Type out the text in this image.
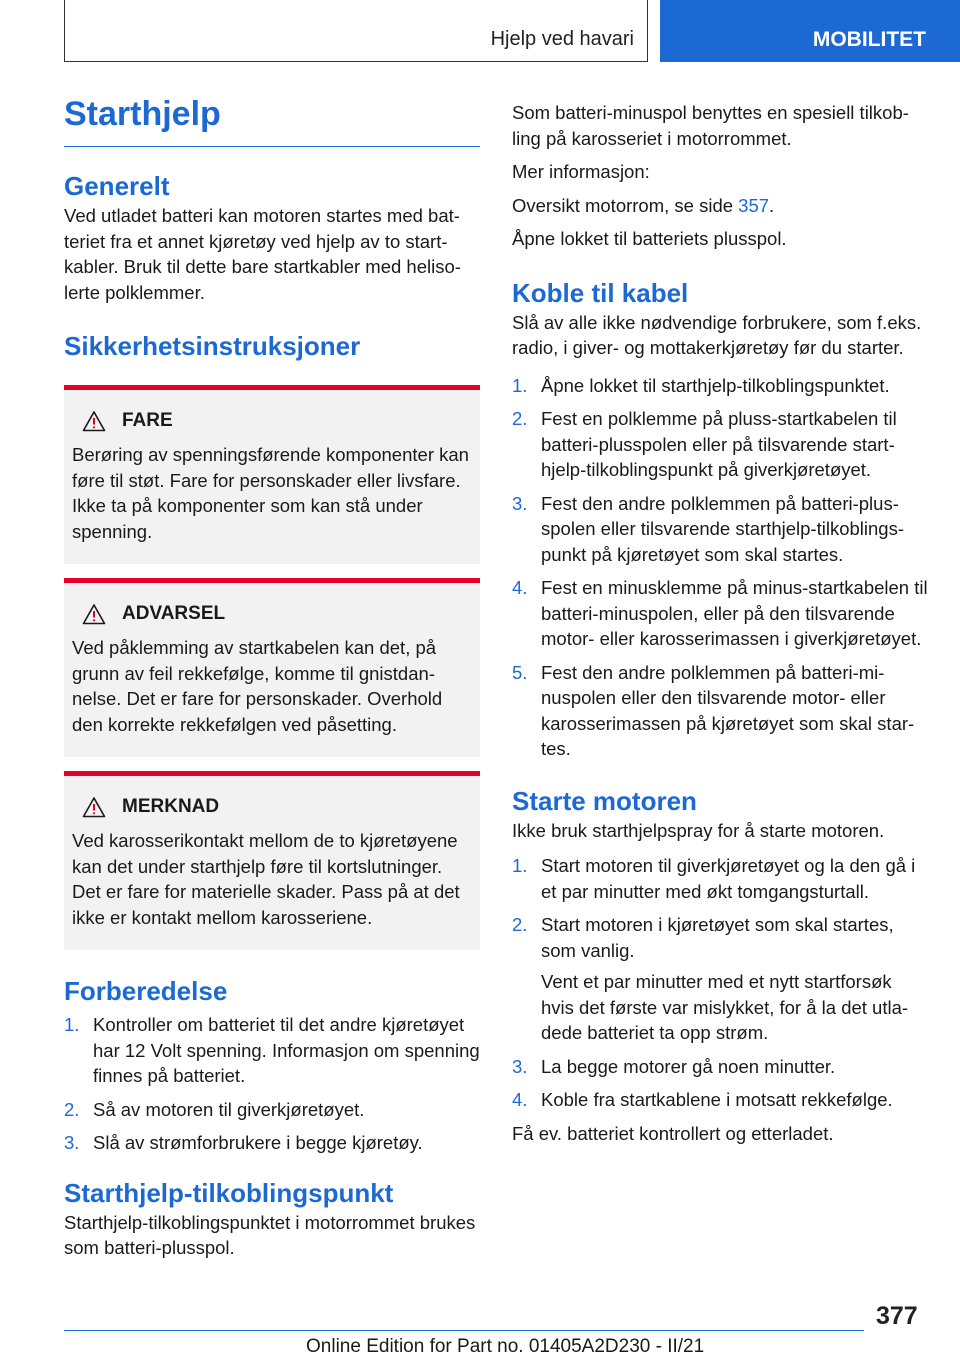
Hjelp ved havari	MOBILITET
Starthjelp
Generelt

Ved utladet batteri kan motoren startes med batteriet fra et annet kjøretøy ved hjelp av to startkabler. Bruk til dette bare startkabler med helisolerte polklemmer.

Sikkerhetsinstruksjoner
FARE

Berøring av spenningsførende komponenter kan føre til støt. Fare for personskader eller livsfare. Ikke ta på komponenter som kan stå under spenning.

ADVARSEL

Ved påklemming av startkabelen kan det, på grunn av feil rekkefølge, komme til gnistdannelse. Det er fare for personskader. Overhold den korrekte rekkefølgen ved påsetting.

MERKNAD

Ved karosserikontakt mellom de to kjøretøyene kan det under starthjelp føre til kortslutninger. Det er fare for materielle skader. Pass på at det ikke er kontakt mellom karosseriene.

Forberedelse
1. Kontroller om batteriet til det andre kjøretøyet har 12 Volt spenning. Informasjon om spenning finnes på batteriet.
2. Så av motoren til giverkjøretøyet.
3. Slå av strømforbrukere i begge kjøretøy.
Starthjelp-tilkoblingspunkt

Starthjelp-tilkoblingspunktet i motorrommet brukes som batteri-plusspol.

Som batteri-minuspol benyttes en spesiell tilkobling på karosseriet i motorrommet.

Mer informasjon:

Oversikt motorrom, se side 357.

Åpne lokket til batteriets plusspol.

Koble til kabel

Slå av alle ikke nødvendige forbrukere, som f.eks. radio, i giver- og mottakerkjøretøy før du starter.

1. Åpne lokket til starthjelp-tilkoblingspunktet.
2. Fest en polklemme på pluss-startkabelen til batteri-plusspolen eller på tilsvarende starthjelp-tilkoblingspunkt på giverkjøretøyet.
3. Fest den andre polklemmen på batteri-plusspolen eller tilsvarende starthjelp-tilkoblingspunkt på kjøretøyet som skal startes.
4. Fest en minusklemme på minus-startkabelen til batteri-minuspolen, eller på den tilsvarende motor- eller karosserimassen i giverkjøretøyet.
5. Fest den andre polklemmen på batteri-minuspolen eller den tilsvarende motor- eller karosserimassen på kjøretøyet som skal startes.
Starte motoren

Ikke bruk starthjelpspray for å starte motoren.

1. Start motoren til giverkjøretøyet og la den gå i et par minutter med økt tomgangsturtall.
2. Start motoren i kjøretøyet som skal startes, som vanlig.
Vent et par minutter med et nytt startforsøk hvis det første var mislykket, for å la det utladede batteriet ta opp strøm.
3. La begge motorer gå noen minutter.
4. Koble fra startkablene i motsatt rekkefølge.

Få ev. batteriet kontrollert og etterladet.

377
Online Edition for Part no. 01405A2D230 - II/21
